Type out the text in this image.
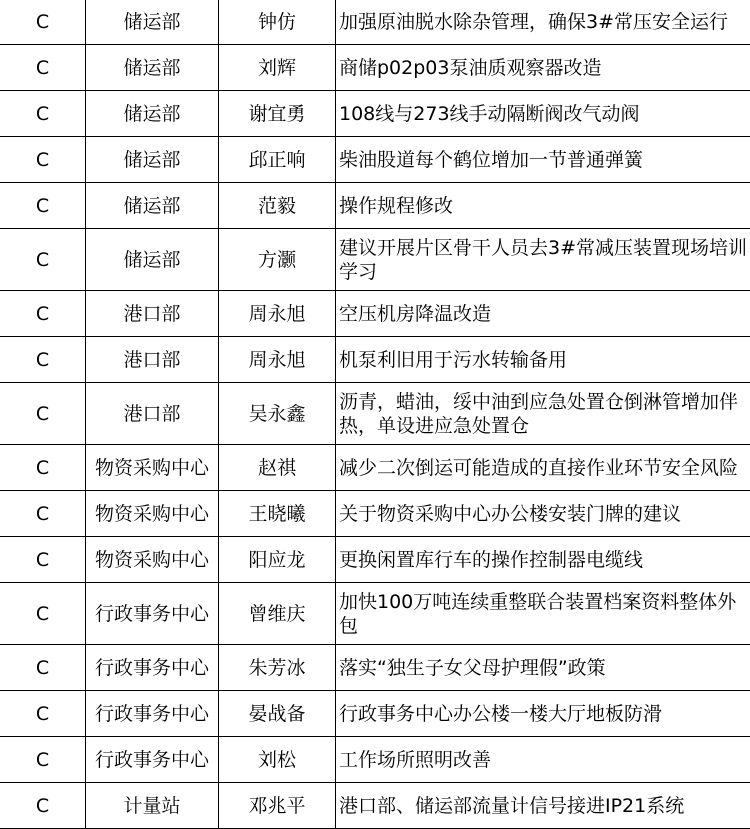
C	储运部	钟仿	加强原油脱水除杂管理，确保3#常压安全运行
C	储运部	刘辉	商储p02p03泵油质观察器改造
C	储运部	谢宜勇	108线与273线手动隔断阀改气动阀
C	储运部	邱正响	柴油股道每个鹤位增加一节普通弹簧
C	储运部	范毅	操作规程修改
C	储运部	方灏	建议开展片区骨干人员去3#常减压装置现场培训学习
C	港口部	周永旭	空压机房降温改造
C	港口部	周永旭	机泵利旧用于污水转输备用
C	港口部	吴永鑫	沥青，蜡油，绥中油到应急处置仓倒淋管增加伴热，单设进应急处置仓
C	物资采购中心	赵祺	减少二次倒运可能造成的直接作业环节安全风险
C	物资采购中心	王晓曦	关于物资采购中心办公楼安装门牌的建议
C	物资采购中心	阳应龙	更换闲置库行车的操作控制器电缆线
C	行政事务中心	曾维庆	加快100万吨连续重整联合装置档案资料整体外包
C	行政事务中心	朱芳冰	落实“独生子女父母护理假”政策
C	行政事务中心	晏战备	行政事务中心办公楼一楼大厅地板防滑
C	行政事务中心	刘松	工作场所照明改善
C	计量站	邓兆平	港口部、储运部流量计信号接进IP21系统
